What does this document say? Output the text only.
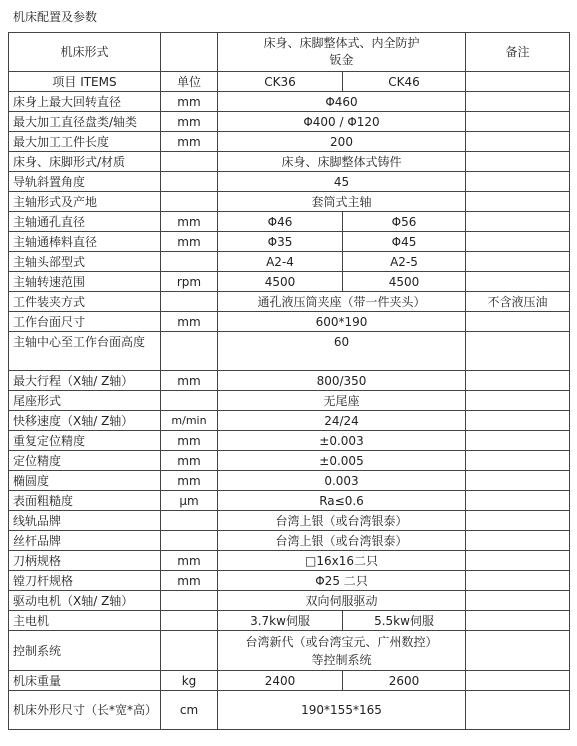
机床配置及参数
机床形式		床身、床脚整体式、内全防护钣金		备注
项目 ITEMS	单位	CK36	CK46	
床身上最大回转直径	mm	Φ460		
最大加工直径盘类/轴类	mm	Φ400 / Φ120		
最大加工工件长度	mm	200		
床身、床脚形式/材质		床身、床脚整体式铸件		
导轨斜置角度		45		
主轴形式及产地		套筒式主轴		
主轴通孔直径	mm	Φ46	Φ56	
主轴通棒料直径	mm	Φ35	Φ45	
主轴头部型式		A2-4	A2-5	
主轴转速范围	rpm	4500	4500	
工件装夹方式		通孔液压筒夹座（带一件夹头）		不含液压油
工作台面尺寸	mm	600*190		
主轴中心至工作台面高度		60		
最大行程（X轴/ Z轴）	mm	800/350		
尾座形式		无尾座		
快移速度（X轴/ Z轴）	m/min	24/24		
重复定位精度	mm	±0.003		
定位精度	mm	±0.005		
椭圆度	mm	0.003		
表面粗糙度	μm	Ra≤0.6		
线轨品牌		台湾上银（或台湾银泰）		
丝杆品牌		台湾上银（或台湾银泰）		
刀柄规格	mm	□16x16二只		
镗刀杆规格	mm	Φ25 二只		
驱动电机（X轴/ Z轴）		双向伺服驱动		
主电机		3.7kw伺服	5.5kw伺服	
控制系统		台湾新代（或台湾宝元、广州数控）等控制系统		
机床重量	kg	2400	2600	
机床外形尺寸（长*宽*高）	cm	190*155*165		
